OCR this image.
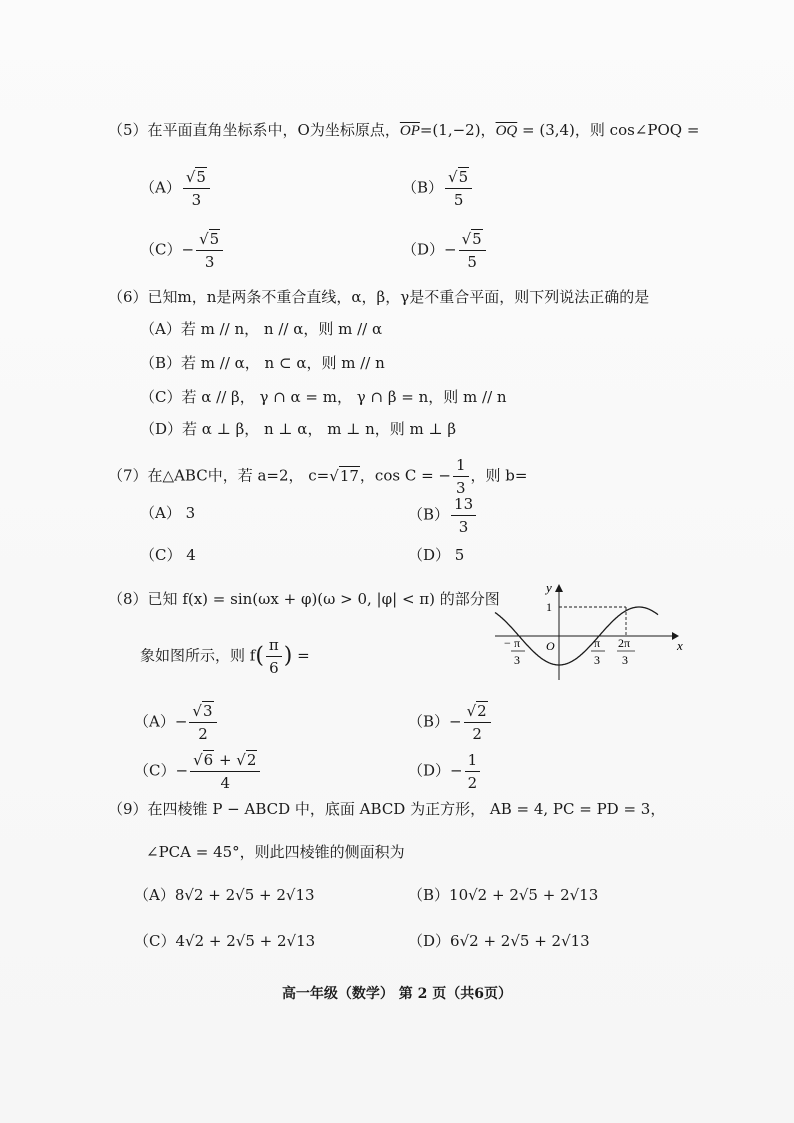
（5）在平面直角坐标系中，O为坐标原点，$\overline{OP}=(1,-2)$，$\overline{OQ} = (3,4)$，则 cos∠POQ =
$(A) \frac{√5}{3}$	$(B) \frac{√5}{5}$
$(C)- \frac{√5}{3}$	$(D)- \frac{√5}{5}$
（6）已知m，n是两条不重合直线，α，β，γ是不重合平面，则下列说法正确的是
（A）若 m // n， n // α，则 m // α
（B）若 m // α， n ⊂ α，则 m // n
（C）若 α // β， γ ∩ α = m， γ ∩ β = n，则 m // n
（D）若 α ⊥ β， n ⊥ α， m ⊥ n，则 m ⊥ β
（7）在△ABC中，若 a=2， c=√17，cos C = − $\frac{1}{3}$ ，则 b=
（A） 3	$(B) \frac{13}{3}$
（C） 4	（D） 5
（8）已知 f(x) = sin(ωx + φ)(ω > 0, |φ| < π) 的部分图
象如图所示，则 $f( \frac{\pi}{6}$ ) =
y
x
O
1
− π
3
π
3
2π
3
$(A)- \frac{√3}{2}$	$(B)- \frac{√2}{2}$
$(C)- \frac{√6 + √2}{4}$	$(D)- \frac{1}{2}$
（9）在四棱锥 P − ABCD 中，底面 ABCD 为正方形， AB = 4, PC = PD = 3，
∠PCA = 45°，则此四棱锥的侧面积为
（A）8√2 + 2√5 + 2√13	（B）10√2 + 2√5 + 2√13
（C）4√2 + 2√5 + 2√13	（D）6√2 + 2√5 + 2√13
高一年级（数学） 第 2 页（共6页）
